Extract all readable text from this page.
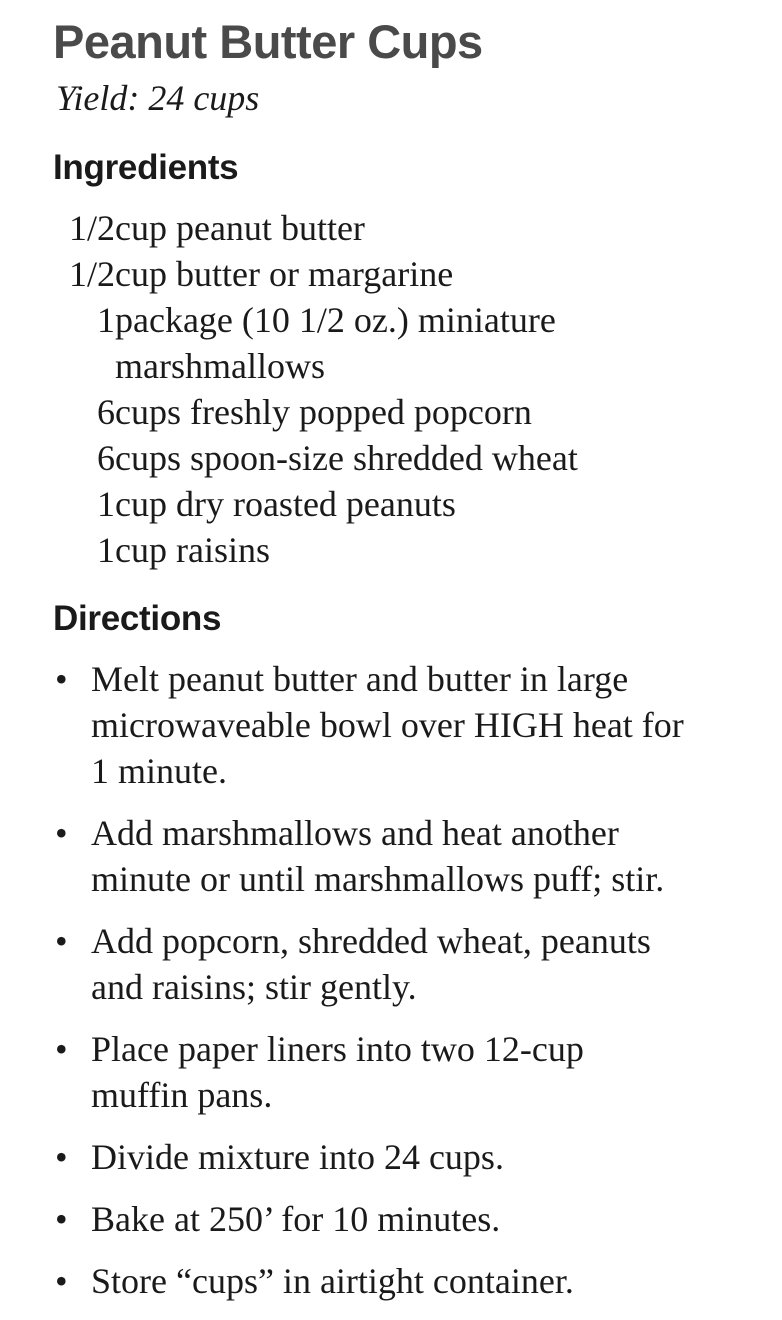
Peanut Butter Cups
Yield: 24 cups
Ingredients
1/2 cup peanut butter
1/2 cup butter or margarine
1 package (10 1/2 oz.) miniature
marshmallows
6 cups freshly popped popcorn
6 cups spoon-size shredded wheat
1 cup dry roasted peanuts
1 cup raisins
Directions
• Melt peanut butter and butter in large
microwaveable bowl over HIGH heat for
1 minute.
• Add marshmallows and heat another
minute or until marshmallows puff; stir.
• Add popcorn, shredded wheat, peanuts
and raisins; stir gently.
• Place paper liners into two 12-cup
muffin pans.
• Divide mixture into 24 cups.
• Bake at 250’ for 10 minutes.
• Store “cups” in airtight container.
